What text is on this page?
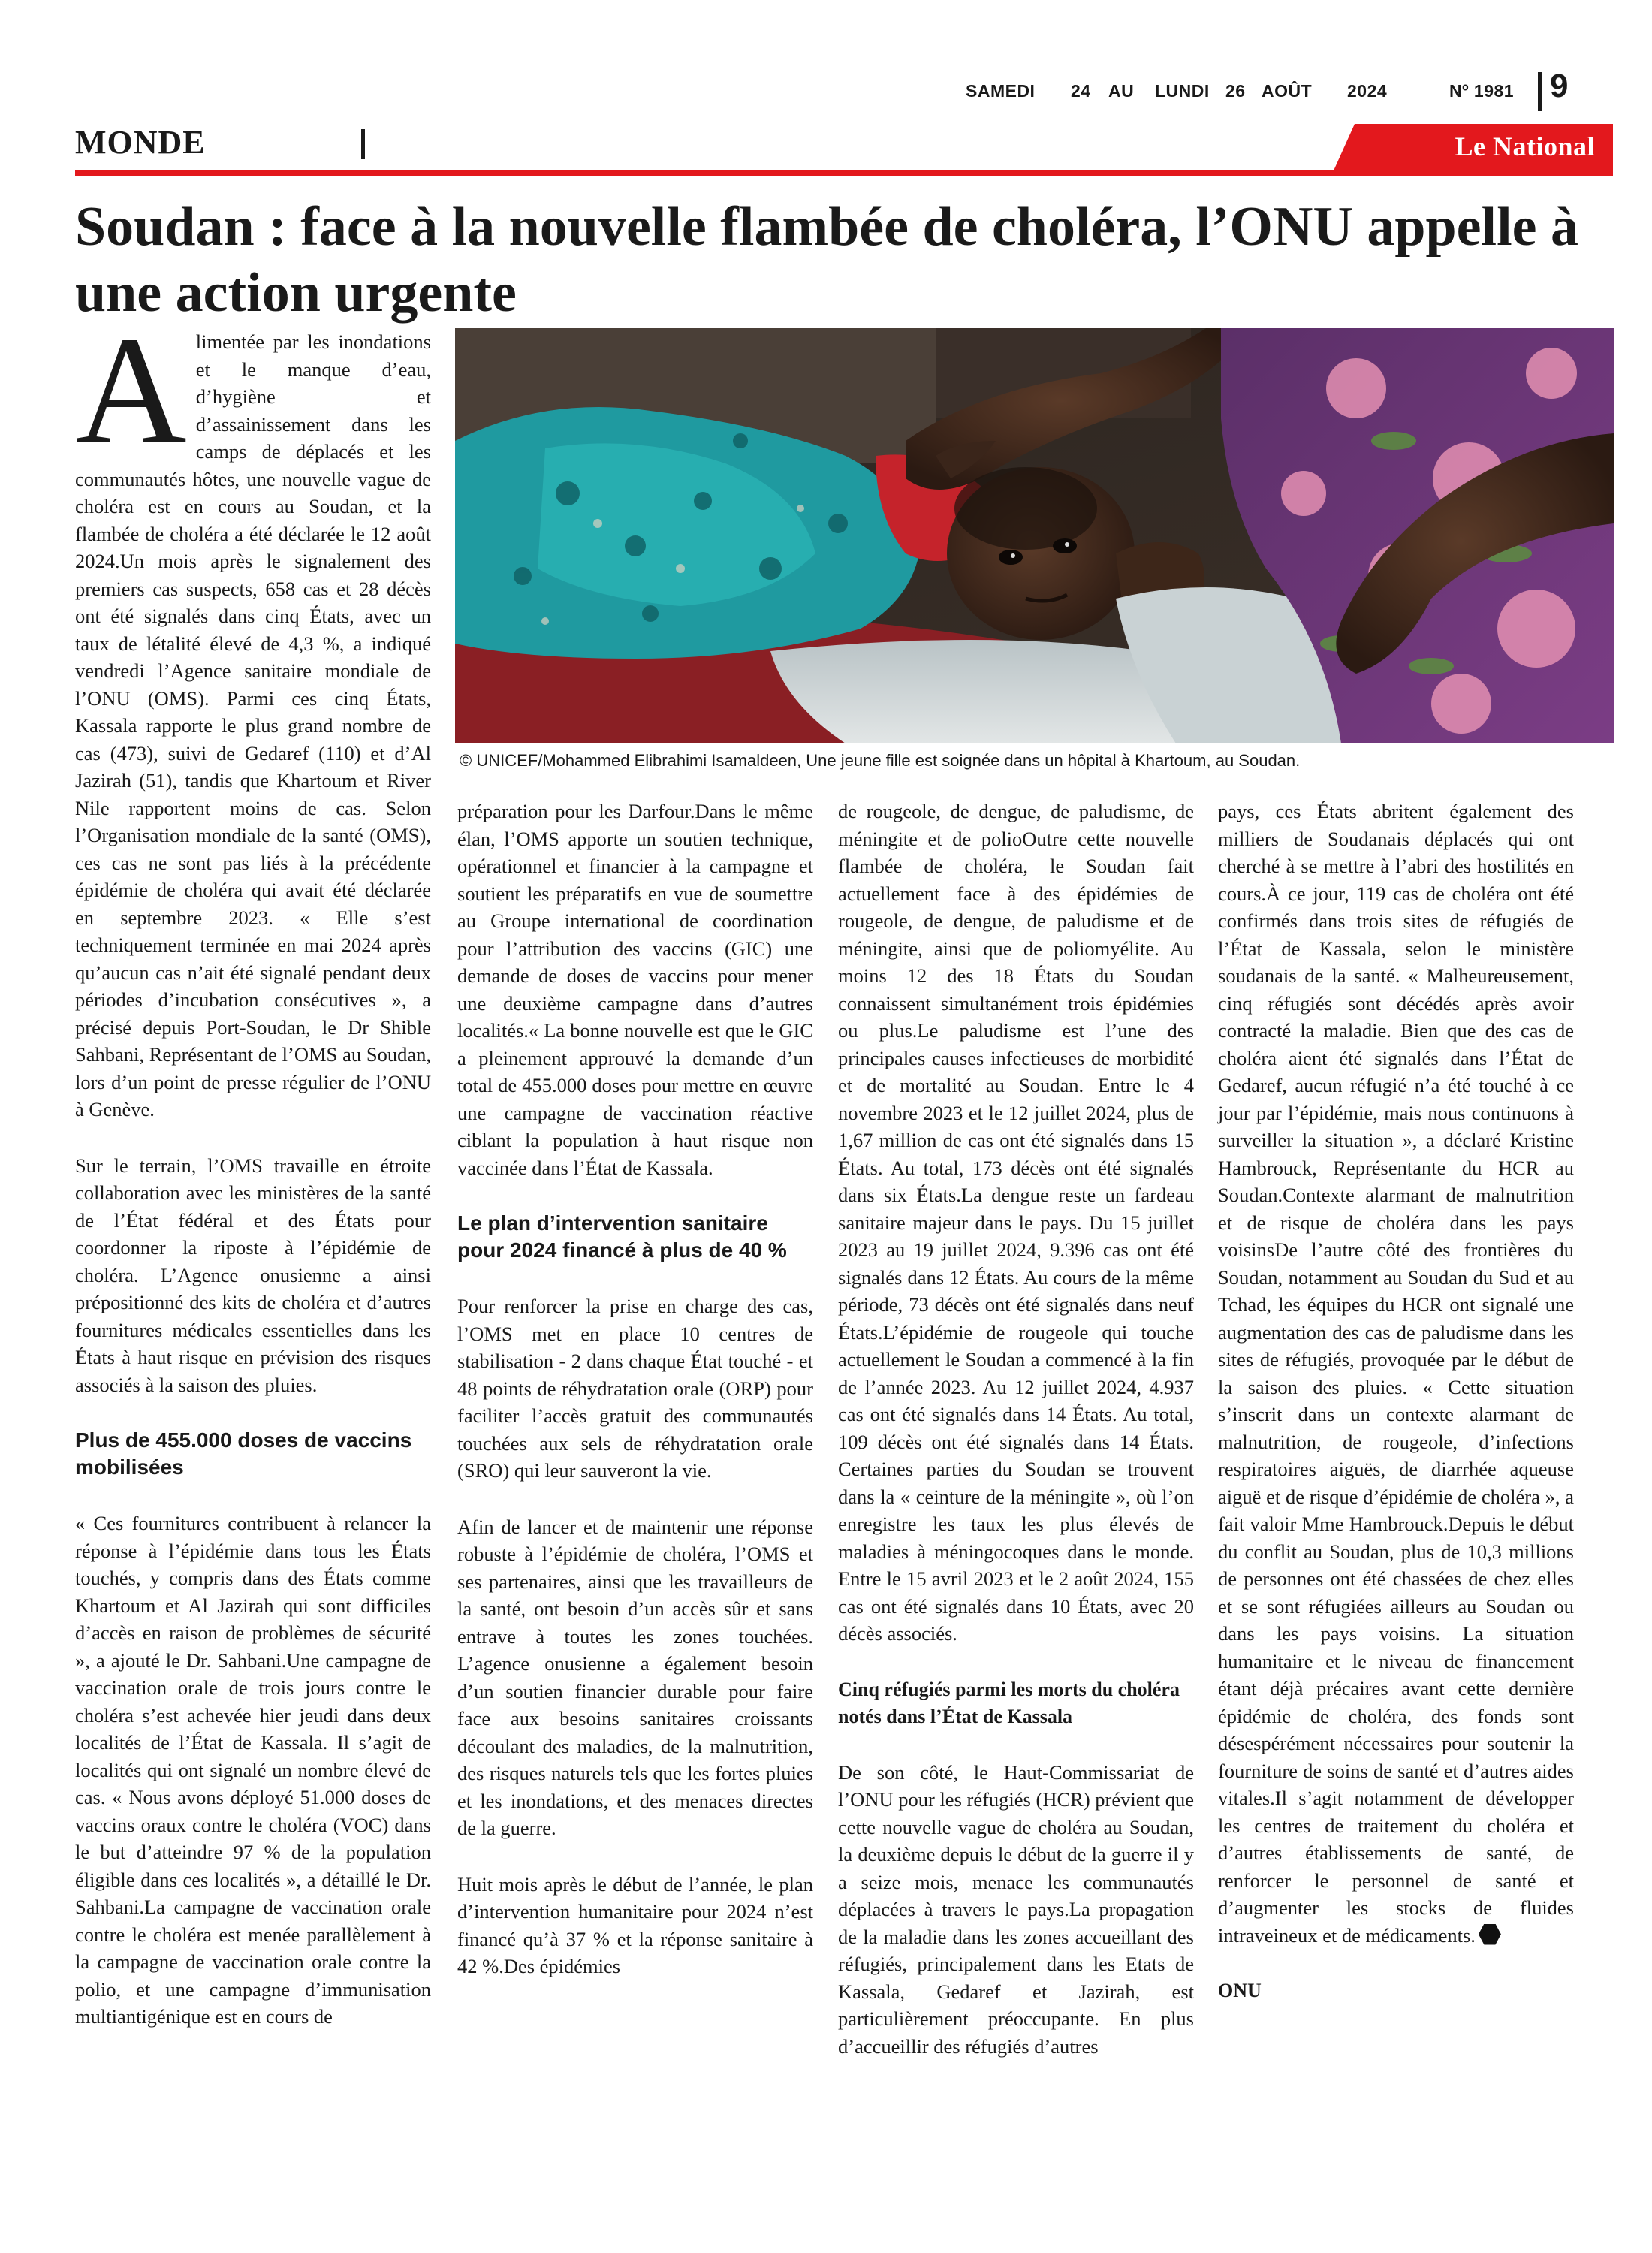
SAMEDI 24 AU LUNDI 26 AOÛT 2024	Nº 1981 9
MONDE	Le National
Soudan : face à la nouvelle flambée de choléra, l’ONU appelle à une action urgente
© UNICEF/Mohammed Elibrahimi Isamaldeen, Une jeune fille est soignée dans un hôpital à Khartoum, au Soudan.

Alimentée par les inondations et le manque d’eau, d’hygiène et d’assainissement dans les camps de déplacés et les communautés hôtes, une nouvelle vague de choléra est en cours au Soudan, et la flambée de choléra a été déclarée le 12 août 2024.Un mois après le signalement des premiers cas suspects, 658 cas et 28 décès ont été signalés dans cinq États, avec un taux de létalité élevé de 4,3 %, a indiqué vendredi l’Agence sanitaire mondiale de l’ONU (OMS). Parmi ces cinq États, Kassala rapporte le plus grand nombre de cas (473), suivi de Gedaref (110) et d’Al Jazirah (51), tandis que Khartoum et River Nile rapportent moins de cas. Selon l’Organisation mondiale de la santé (OMS), ces cas ne sont pas liés à la précédente épidémie de choléra qui avait été déclarée en septembre 2023. « Elle s’est techniquement terminée en mai 2024 après qu’aucun cas n’ait été signalé pendant deux périodes d’incubation consécutives », a précisé depuis Port-Soudan, le Dr Shible Sahbani, Représentant de l’OMS au Soudan, lors d’un point de presse régulier de l’ONU à Genève.

Sur le terrain, l’OMS travaille en étroite collaboration avec les ministères de la santé de l’État fédéral et des États pour coordonner la riposte à l’épidémie de choléra. L’Agence onusienne a ainsi prépositionné des kits de choléra et d’autres fournitures médicales essentielles dans les États à haut risque en prévision des risques associés à la saison des pluies.

Plus de 455.000 doses de vaccins mobilisées

« Ces fournitures contribuent à relancer la réponse à l’épidémie dans tous les États touchés, y compris dans des États comme Khartoum et Al Jazirah qui sont difficiles d’accès en raison de problèmes de sécurité », a ajouté le Dr. Sahbani.Une campagne de vaccination orale de trois jours contre le choléra s’est achevée hier jeudi dans deux localités de l’État de Kassala. Il s’agit de localités qui ont signalé un nombre élevé de cas. « Nous avons déployé 51.000 doses de vaccins oraux contre le choléra (VOC) dans le but d’atteindre 97 % de la population éligible dans ces localités », a détaillé le Dr. Sahbani.La campagne de vaccination orale contre le choléra est menée parallèlement à la campagne de vaccination orale contre la polio, et une campagne d’immunisation multiantigénique est en cours de

préparation pour les Darfour.Dans le même élan, l’OMS apporte un soutien technique, opérationnel et financier à la campagne et soutient les préparatifs en vue de soumettre au Groupe international de coordination pour l’attribution des vaccins (GIC) une demande de doses de vaccins pour mener une deuxième campagne dans d’autres localités.« La bonne nouvelle est que le GIC a pleinement approuvé la demande d’un total de 455.000 doses pour mettre en œuvre une campagne de vaccination réactive ciblant la population à haut risque non vaccinée dans l’État de Kassala.

Le plan d’intervention sanitaire pour 2024 financé à plus de 40 %

Pour renforcer la prise en charge des cas, l’OMS met en place 10 centres de stabilisation - 2 dans chaque État touché - et 48 points de réhydratation orale (ORP) pour faciliter l’accès gratuit des communautés touchées aux sels de réhydratation orale (SRO) qui leur sauveront la vie.

Afin de lancer et de maintenir une réponse robuste à l’épidémie de choléra, l’OMS et ses partenaires, ainsi que les travailleurs de la santé, ont besoin d’un accès sûr et sans entrave à toutes les zones touchées. L’agence onusienne a également besoin d’un soutien financier durable pour faire face aux besoins sanitaires croissants découlant des maladies, de la malnutrition, des risques naturels tels que les fortes pluies et les inondations, et des menaces directes de la guerre.

Huit mois après le début de l’année, le plan d’intervention humanitaire pour 2024 n’est financé qu’à 37 % et la réponse sanitaire à 42 %.Des épidémies

de rougeole, de dengue, de paludisme, de méningite et de polioOutre cette nouvelle flambée de choléra, le Soudan fait actuellement face à des épidémies de rougeole, de dengue, de paludisme et de méningite, ainsi que de poliomyélite. Au moins 12 des 18 États du Soudan connaissent simultanément trois épidémies ou plus.Le paludisme est l’une des principales causes infectieuses de morbidité et de mortalité au Soudan. Entre le 4 novembre 2023 et le 12 juillet 2024, plus de 1,67 million de cas ont été signalés dans 15 États. Au total, 173 décès ont été signalés dans six États.La dengue reste un fardeau sanitaire majeur dans le pays. Du 15 juillet 2023 au 19 juillet 2024, 9.396 cas ont été signalés dans 12 États. Au cours de la même période, 73 décès ont été signalés dans neuf États.L’épidémie de rougeole qui touche actuellement le Soudan a commencé à la fin de l’année 2023. Au 12 juillet 2024, 4.937 cas ont été signalés dans 14 États. Au total, 109 décès ont été signalés dans 14 États. Certaines parties du Soudan se trouvent dans la « ceinture de la méningite », où l’on enregistre les taux les plus élevés de maladies à méningocoques dans le monde. Entre le 15 avril 2023 et le 2 août 2024, 155 cas ont été signalés dans 10 États, avec 20 décès associés.

Cinq réfugiés parmi les morts du choléra notés dans l’État de Kassala

De son côté, le Haut-Commissariat de l’ONU pour les réfugiés (HCR) prévient que cette nouvelle vague de choléra au Soudan, la deuxième depuis le début de la guerre il y a seize mois, menace les communautés déplacées à travers le pays.La propagation de la maladie dans les zones accueillant des réfugiés, principalement dans les Etats de Kassala, Gedaref et Jazirah, est particulièrement préoccupante. En plus d’accueillir des réfugiés d’autres

pays, ces États abritent également des milliers de Soudanais déplacés qui ont cherché à se mettre à l’abri des hostilités en cours.À ce jour, 119 cas de choléra ont été confirmés dans trois sites de réfugiés de l’État de Kassala, selon le ministère soudanais de la santé. « Malheureusement, cinq réfugiés sont décédés après avoir contracté la maladie. Bien que des cas de choléra aient été signalés dans l’État de Gedaref, aucun réfugié n’a été touché à ce jour par l’épidémie, mais nous continuons à surveiller la situation », a déclaré Kristine Hambrouck, Représentante du HCR au Soudan.Contexte alarmant de malnutrition et de risque de choléra dans les pays voisinsDe l’autre côté des frontières du Soudan, notamment au Soudan du Sud et au Tchad, les équipes du HCR ont signalé une augmentation des cas de paludisme dans les sites de réfugiés, provoquée par le début de la saison des pluies. « Cette situation s’inscrit dans un contexte alarmant de malnutrition, de rougeole, d’infections respiratoires aiguës, de diarrhée aqueuse aiguë et de risque d’épidémie de choléra », a fait valoir Mme Hambrouck.Depuis le début du conflit au Soudan, plus de 10,3 millions de personnes ont été chassées de chez elles et se sont réfugiées ailleurs au Soudan ou dans les pays voisins. La situation humanitaire et le niveau de financement étant déjà précaires avant cette dernière épidémie de choléra, des fonds sont désespérément nécessaires pour soutenir la fourniture de soins de santé et d’autres aides vitales.Il s’agit notamment de développer les centres de traitement du choléra et d’autres établissements de santé, de renforcer le personnel de santé et d’augmenter les stocks de fluides intraveineux et de médicaments.

ONU
